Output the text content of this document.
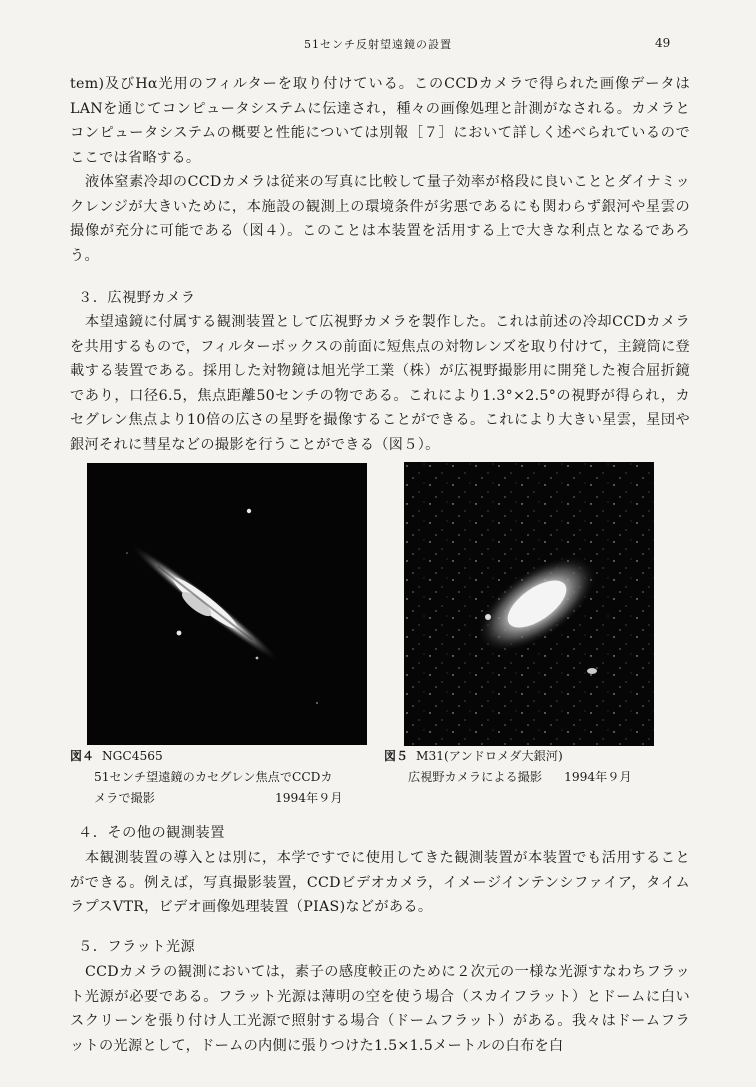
51センチ反射望遠鏡の設置	49

tem)及びHα光用のフィルターを取り付けている。このCCDカメラで得られた画像データはLANを通じてコンピュータシステムに伝達され，種々の画像処理と計測がなされる。カメラとコンピュータシステムの概要と性能については別報［７］において詳しく述べられているのでここでは省略する。

液体窒素冷却のCCDカメラは従来の写真に比較して量子効率が格段に良いこととダイナミックレンジが大きいために，本施設の観測上の環境条件が劣悪であるにも関わらず銀河や星雲の撮像が充分に可能である（図４）。このことは本装置を活用する上で大きな利点となるであろう。

３．広視野カメラ

本望遠鏡に付属する観測装置として広視野カメラを製作した。これは前述の冷却CCDカメラを共用するもので，フィルターボックスの前面に短焦点の対物レンズを取り付けて，主鏡筒に登載する装置である。採用した対物鏡は旭光学工業（株）が広視野撮影用に開発した複合屈折鏡であり，口径6.5，焦点距離50センチの物である。これにより1.3°×2.5°の視野が得られ，カセグレン焦点より10倍の広さの星野を撮像することができる。これにより大きい星雲，星団や銀河それに彗星などの撮影を行うことができる（図５）。

図４ NGC4565
51センチ望遠鏡のカセグレン焦点でCCDカ
メラで撮影	1994年９月
図５ M31(アンドロメダ大銀河)
広視野カメラによる撮影 1994年９月
４．その他の観測装置

本観測装置の導入とは別に，本学ですでに使用してきた観測装置が本装置でも活用することができる。例えば，写真撮影装置，CCDビデオカメラ，イメージインテンシファイア，タイムラプスVTR，ビデオ画像処理装置（PIAS)などがある。

５．フラット光源

CCDカメラの観測においては，素子の感度較正のために２次元の一様な光源すなわちフラット光源が必要である。フラット光源は薄明の空を使う場合（スカイフラット）とドームに白いスクリーンを張り付け人工光源で照射する場合（ドームフラット）がある。我々はドームフラットの光源として，ドームの内側に張りつけた1.5×1.5メートルの白布を白
